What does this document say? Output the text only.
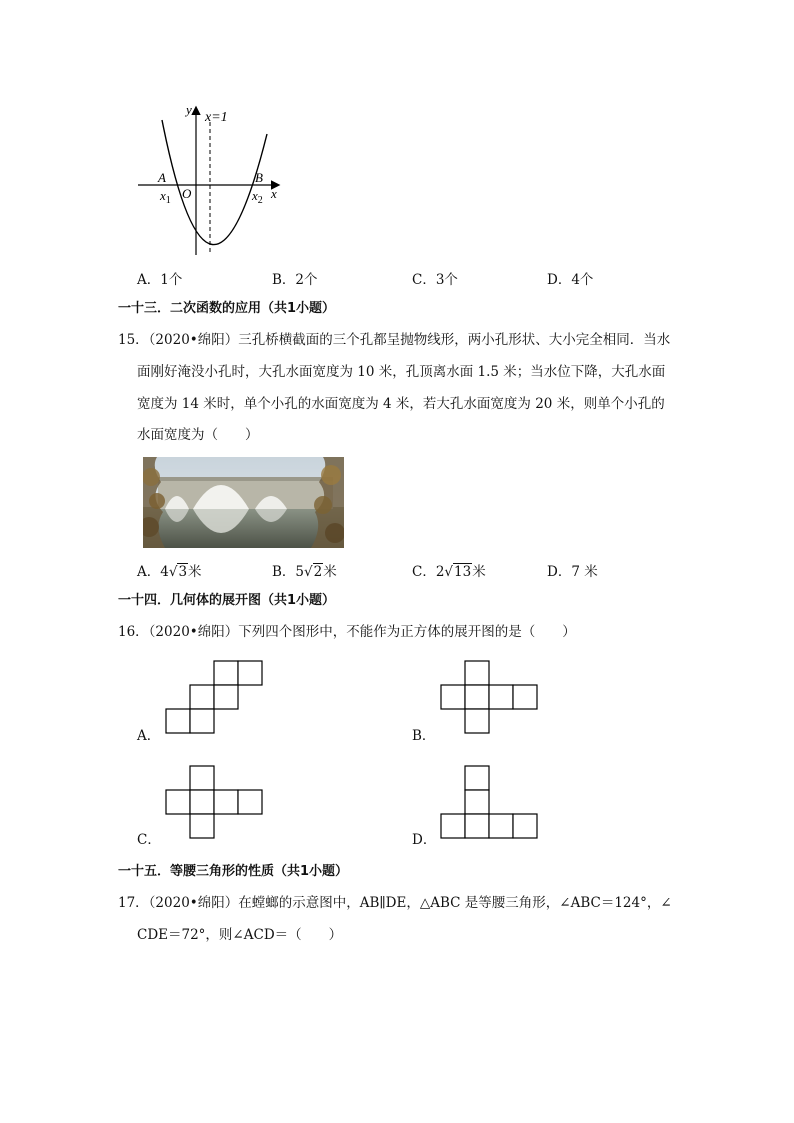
y
x=1
A	B
O
$x_1$	$x_2$ x
A．1个	B．2个	C．3个	D．4个
一十三．二次函数的应用（共1小题）
15．（2020•绵阳）三孔桥横截面的三个孔都呈抛物线形，两小孔形状、大小完全相同．当水
面刚好淹没小孔时，大孔水面宽度为 10 米，孔顶离水面 1.5 米；当水位下降，大孔水面
宽度为 14 米时，单个小孔的水面宽度为 4 米，若大孔水面宽度为 20 米，则单个小孔的
水面宽度为（　　）
A．4√3米	B．5√2米	C．2√13米	D．7 米
一十四．几何体的展开图（共1小题）
16．（2020•绵阳）下列四个图形中，不能作为正方体的展开图的是（　　）
A．	B．
C．	D．
一十五．等腰三角形的性质（共1小题）
17．（2020•绵阳）在螳螂的示意图中，AB∥DE，△ABC 是等腰三角形，∠ABC＝124°，∠
CDE＝72°，则∠ACD＝（　　）
